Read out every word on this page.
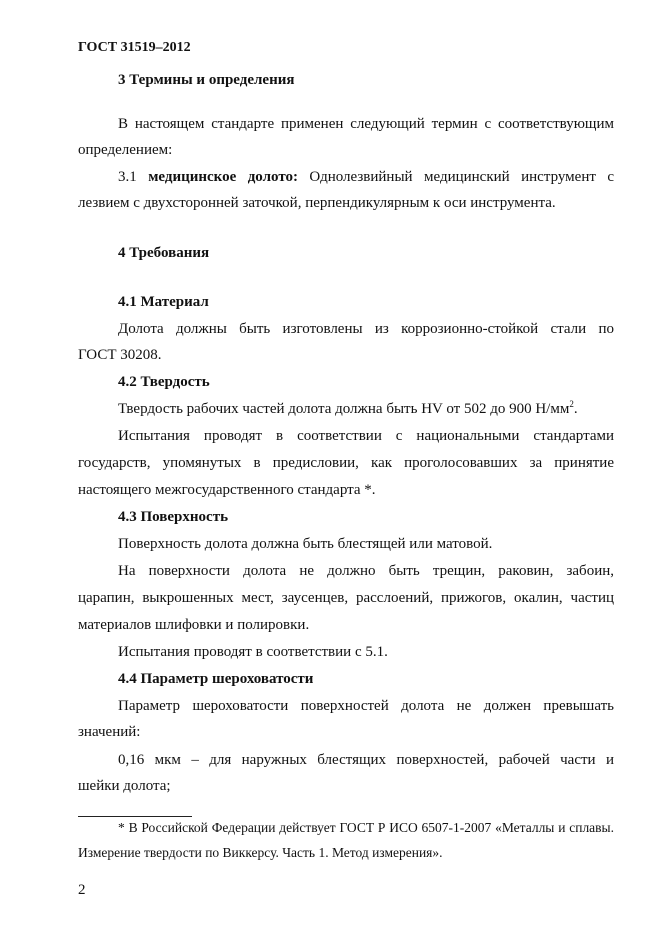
ГОСТ 31519–2012
3 Термины и определения
В настоящем стандарте применен следующий термин с соответствующим
определением:
3.1 медицинское долото: Однолезвийный медицинский инструмент с
лезвием с двухсторонней заточкой, перпендикулярным к оси инструмента.
4 Требования
4.1 Материал
Долота должны быть изготовлены из коррозионно-стойкой стали по
ГОСТ 30208.
4.2 Твердость
Твердость рабочих частей долота должна быть HV от 502 до 900 $Н/мм^2$.
Испытания проводят в соответствии с национальными стандартами
государств, упомянутых в предисловии, как проголосовавших за принятие
настоящего межгосударственного стандарта *.
4.3 Поверхность
Поверхность долота должна быть блестящей или матовой.
На поверхности долота не должно быть трещин, раковин, забоин,
царапин, выкрошенных мест, заусенцев, расслоений, прижогов, окалин, частиц
материалов шлифовки и полировки.
Испытания проводят в соответствии с 5.1.
4.4 Параметр шероховатости
Параметр шероховатости поверхностей долота не должен превышать
значений:
0,16 мкм – для наружных блестящих поверхностей, рабочей части и
шейки долота;
* В Российской Федерации действует ГОСТ Р ИСО 6507-1-2007 «Металлы и сплавы.
Измерение твердости по Виккерсу. Часть 1. Метод измерения».
2
